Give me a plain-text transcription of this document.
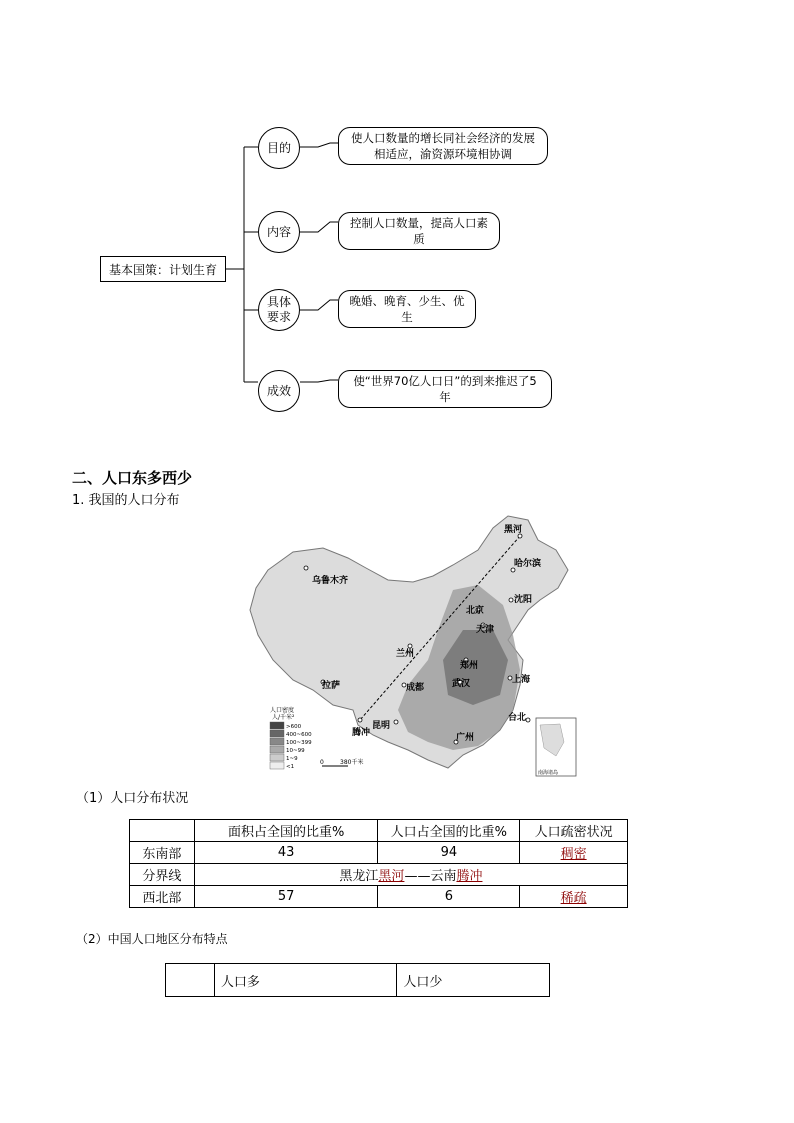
基本国策：计划生育
目的
内容
具体
要求
成效
使人口数量的增长同社会经济的发展相适应，渝资源环境相协调
控制人口数量，提高人口素质
晚婚、晚育、少生、优生
使“世界70亿人口日”的到来推迟了5年
二、人口东多西少
1. 我国的人口分布
黑河
哈尔滨
乌鲁木齐
沈阳
北京
天津
兰州
郑州
拉萨	成都	武汉	上海
昆明
腾冲
台北
广州
人口密度
人/千米²
>600
400~600
100~399
10~99
1~9
<1
0	380千米
南海诸岛
（1）人口分布状况
	面积占全国的比重%	人口占全国的比重%	人口疏密状况
东南部	43	94	稠密
分界线	黑龙江黑河——云南腾冲		
西北部	57	6	稀疏
（2）中国人口地区分布特点
	人口多	人口少
